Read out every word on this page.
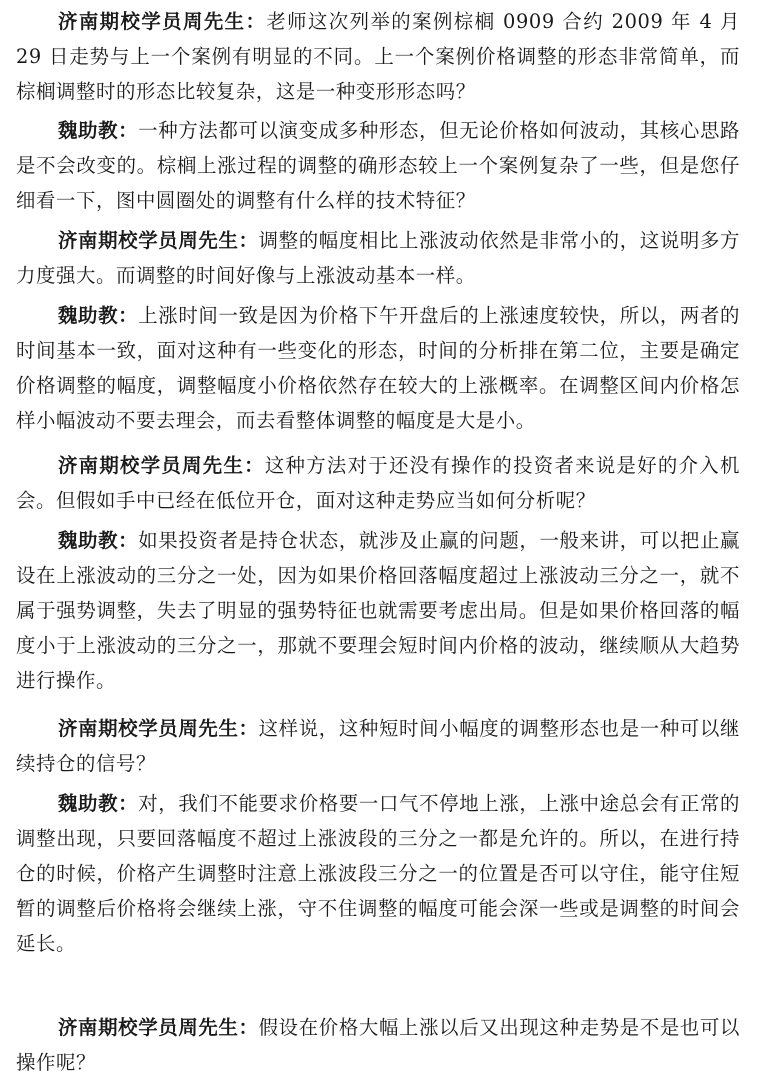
济南期校学员周先生：老师这次列举的案例棕榈 0909 合约 2009 年 4 月 29 日走势与上一个案例有明显的不同。上一个案例价格调整的形态非常简单，而棕榈调整时的形态比较复杂，这是一种变形形态吗？

魏助教：一种方法都可以演变成多种形态，但无论价格如何波动，其核心思路是不会改变的。棕榈上涨过程的调整的确形态较上一个案例复杂了一些，但是您仔细看一下，图中圆圈处的调整有什么样的技术特征？

济南期校学员周先生：调整的幅度相比上涨波动依然是非常小的，这说明多方力度强大。而调整的时间好像与上涨波动基本一样。

魏助教：上涨时间一致是因为价格下午开盘后的上涨速度较快，所以，两者的时间基本一致，面对这种有一些变化的形态，时间的分析排在第二位，主要是确定价格调整的幅度，调整幅度小价格依然存在较大的上涨概率。在调整区间内价格怎样小幅波动不要去理会，而去看整体调整的幅度是大是小。

济南期校学员周先生：这种方法对于还没有操作的投资者来说是好的介入机会。但假如手中已经在低位开仓，面对这种走势应当如何分析呢？

魏助教：如果投资者是持仓状态，就涉及止赢的问题，一般来讲，可以把止赢设在上涨波动的三分之一处，因为如果价格回落幅度超过上涨波动三分之一，就不属于强势调整，失去了明显的强势特征也就需要考虑出局。但是如果价格回落的幅度小于上涨波动的三分之一，那就不要理会短时间内价格的波动，继续顺从大趋势进行操作。

济南期校学员周先生：这样说，这种短时间小幅度的调整形态也是一种可以继续持仓的信号？

魏助教：对，我们不能要求价格要一口气不停地上涨，上涨中途总会有正常的调整出现，只要回落幅度不超过上涨波段的三分之一都是允许的。所以，在进行持仓的时候，价格产生调整时注意上涨波段三分之一的位置是否可以守住，能守住短暂的调整后价格将会继续上涨，守不住调整的幅度可能会深一些或是调整的时间会延长。

济南期校学员周先生：假设在价格大幅上涨以后又出现这种走势是不是也可以操作呢？
